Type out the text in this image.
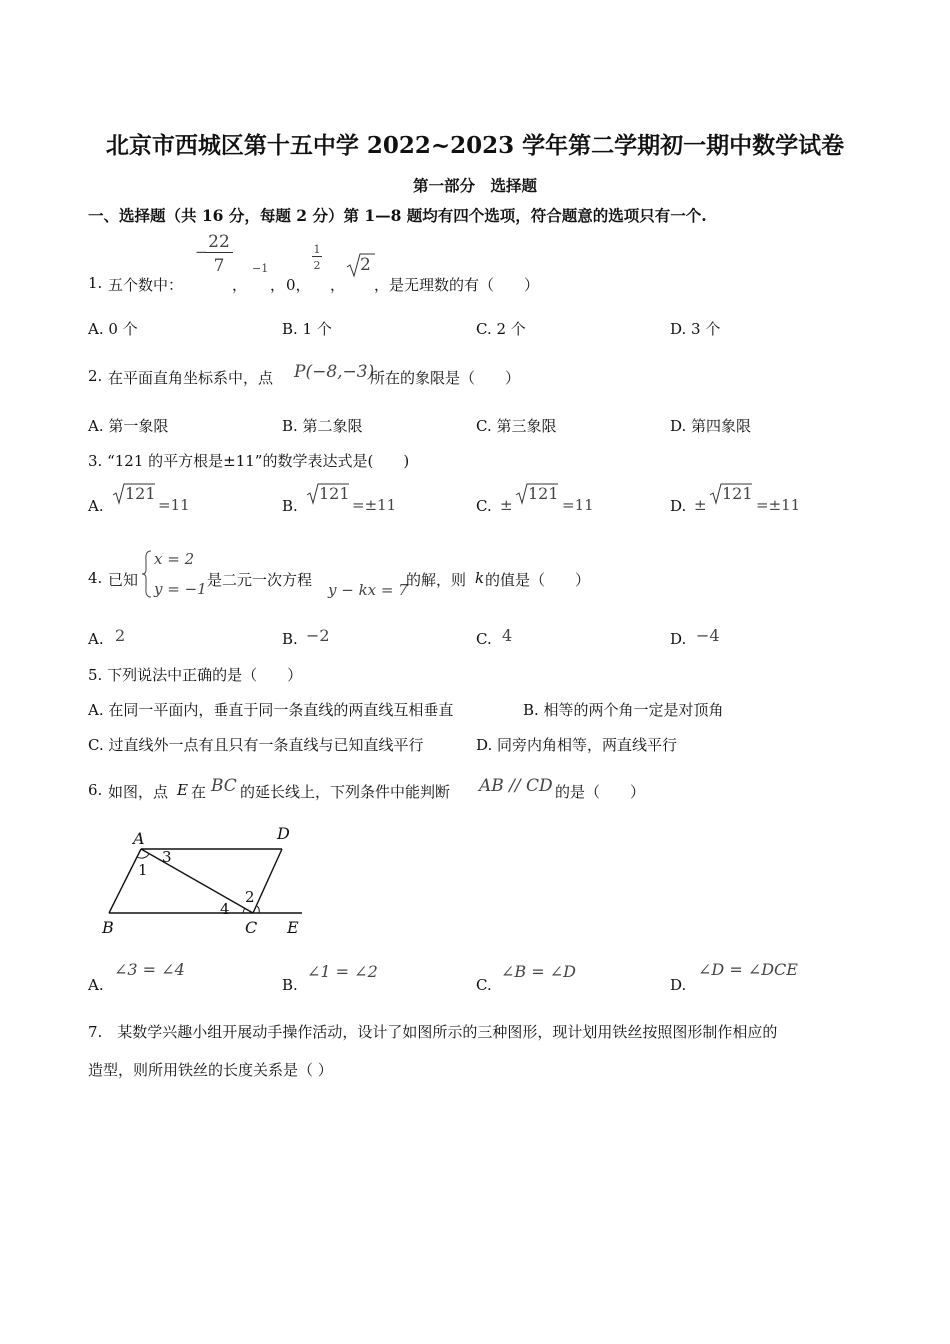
北京市西城区第十五中学 2022~2023 学年第二学期初一期中数学试卷
第一部分　选择题
一、选择题（共 16 分，每题 2 分）第 1—8 题均有四个选项，符合题意的选项只有一个.
1. 五个数中：
− 22
7
，
−1
， 0，
1
2
，
2
，是无理数的有（　　）
A. 0 个	B. 1 个	C. 2 个	D. 3 个
2. 在平面直角坐标系中，点 P(−8,−3)
所在的象限是（　　）
A. 第一象限	B. 第二象限	C. 第三象限	D. 第四象限
3. “121 的平方根是±11”的数学表达式是(　　)
A.
121
=11	B.
121
=±11	C. ±
121
=11	D. ±
121
=±11
4. 已知
x = 2
y = −1 是二元一次方程
y − kx = 7
的解，则 k 的值是（　　）
A. 2	B. −2	C. 4	D. −4
5. 下列说法中正确的是（　　）
A. 在同一平面内，垂直于同一条直线的两直线互相垂直	B. 相等的两个角一定是对顶角
C. 过直线外一点有且只有一条直线与已知直线平行	D. 同旁内角相等，两直线平行
6. 如图，点 E 在 BC 的延长线上，下列条件中能判断 AB // CD 的是（　　）
A	D
B	C E
1
2
3
4
A.
∠3 = ∠4
B.
∠1 = ∠2
C.
∠B = ∠D
D.
∠D = ∠DCE
7.　某数学兴趣小组开展动手操作活动，设计了如图所示的三种图形，现计划用铁丝按照图形制作相应的
造型，则所用铁丝的长度关系是（ ）
